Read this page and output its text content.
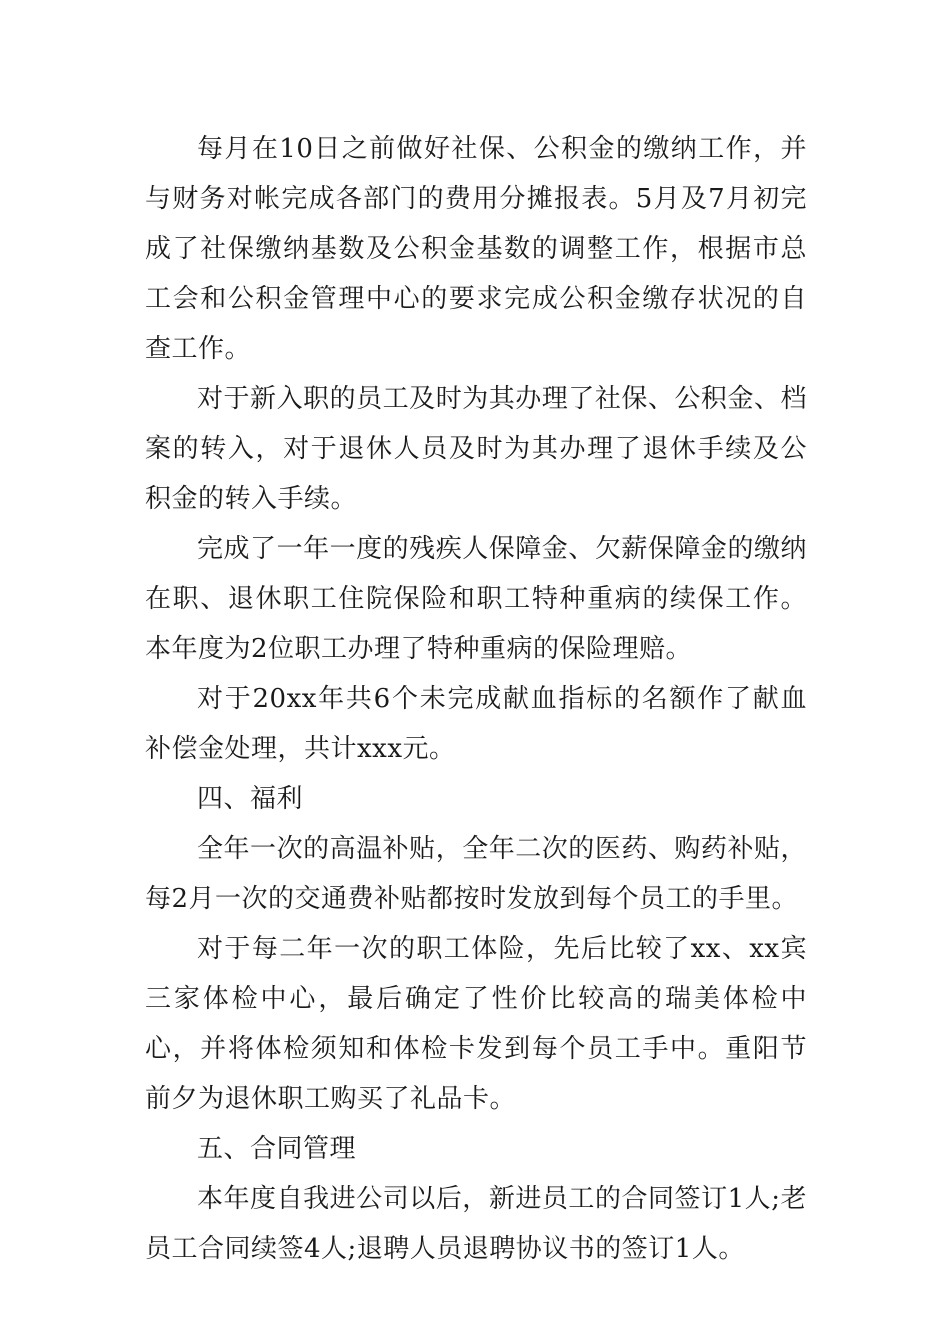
每月在10日之前做好社保、公积金的缴纳工作，并与财务对帐完成各部门的费用分摊报表。5月及7月初完成了社保缴纳基数及公积金基数的调整工作，根据市总工会和公积金管理中心的要求完成公积金缴存状况的自查工作。

对于新入职的员工及时为其办理了社保、公积金、档案的转入，对于退休人员及时为其办理了退休手续及公积金的转入手续。

完成了一年一度的残疾人保障金、欠薪保障金的缴纳在职、退休职工住院保险和职工特种重病的续保工作。本年度为2位职工办理了特种重病的保险理赔。

对于20xx年共6个未完成献血指标的名额作了献血补偿金处理，共计xxx元。

四、福利

全年一次的高温补贴，全年二次的医药、购药补贴，每2月一次的交通费补贴都按时发放到每个员工的手里。

对于每二年一次的职工体险，先后比较了xx、xx宾三家体检中心，最后确定了性价比较高的瑞美体检中心，并将体检须知和体检卡发到每个员工手中。重阳节前夕为退休职工购买了礼品卡。

五、合同管理

本年度自我进公司以后，新进员工的合同签订1人;老员工合同续签4人;退聘人员退聘协议书的签订1人。
